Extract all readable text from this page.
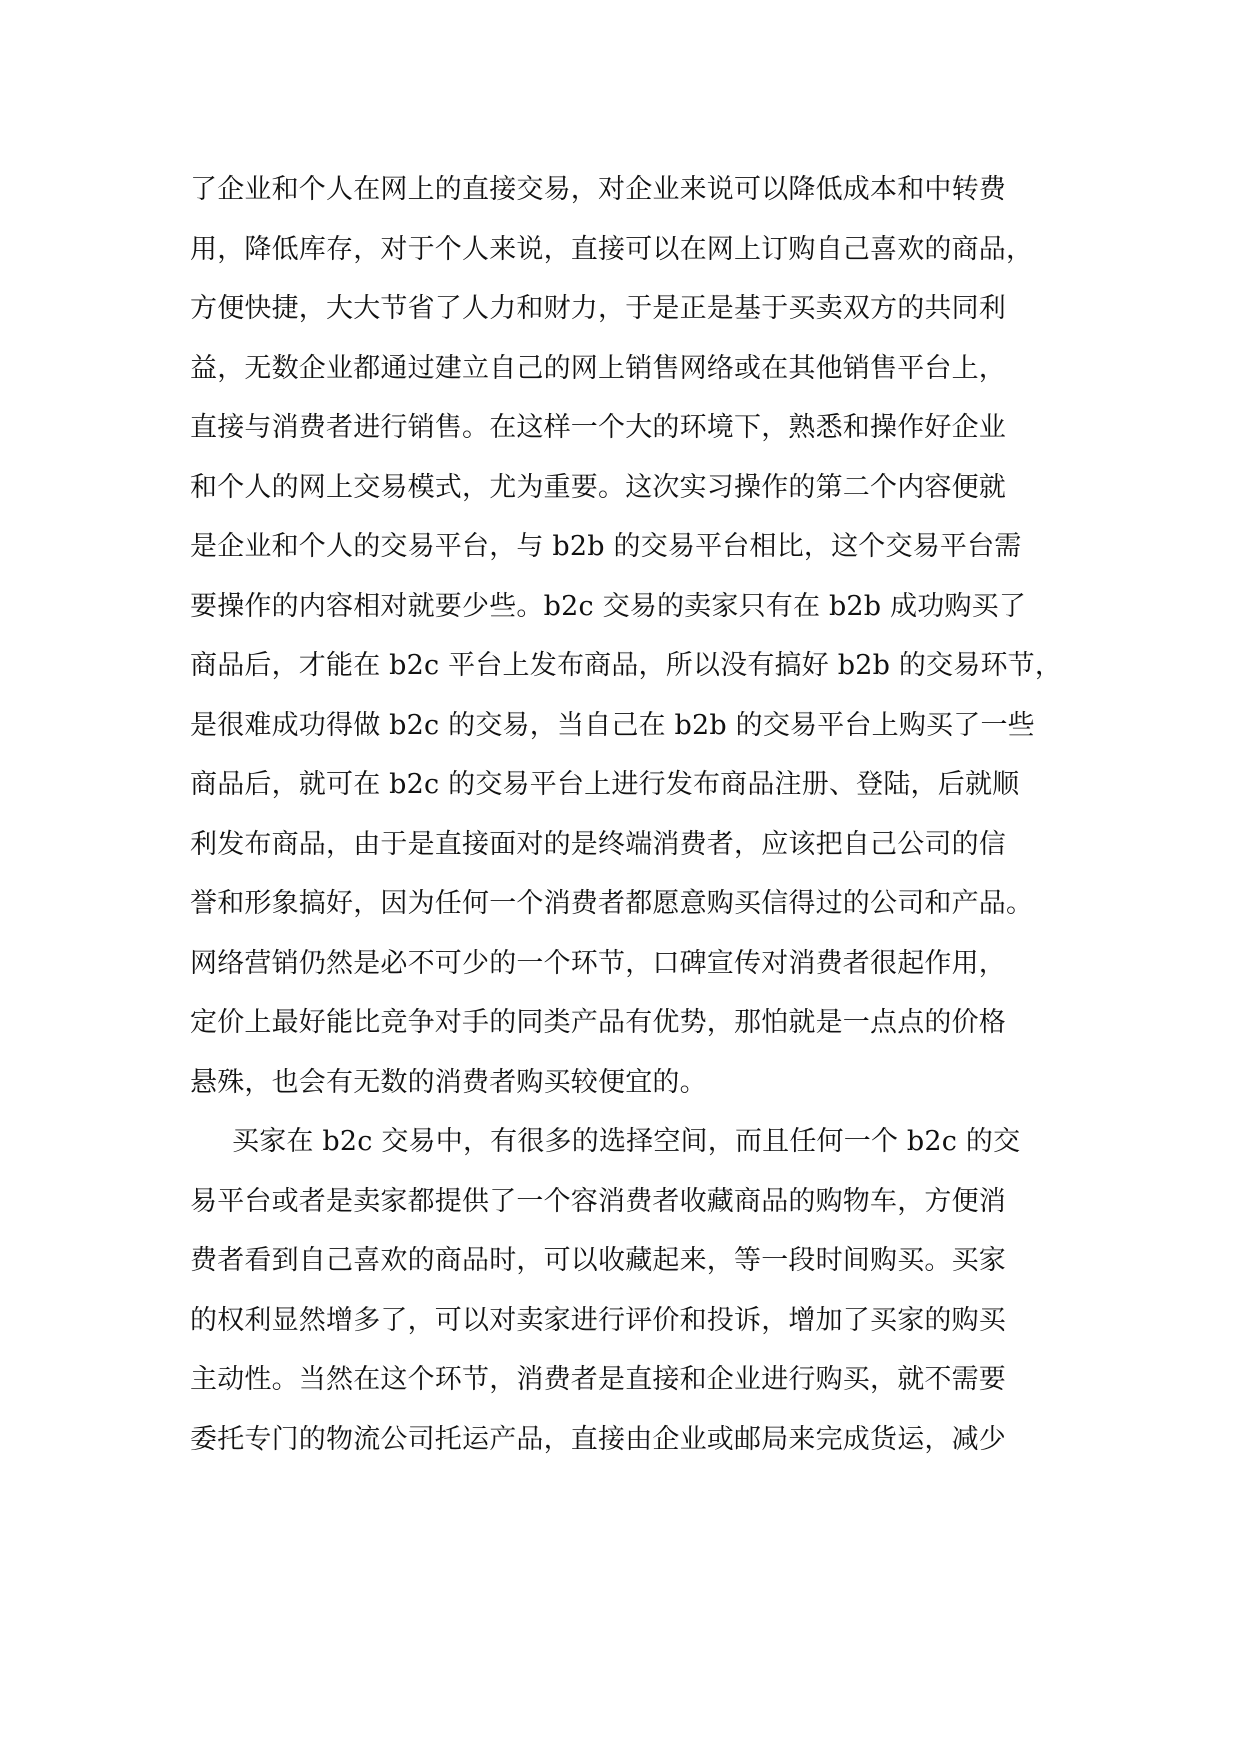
了企业和个人在网上的直接交易，对企业来说可以降低成本和中转费
用，降低库存，对于个人来说，直接可以在网上订购自己喜欢的商品，
方便快捷，大大节省了人力和财力，于是正是基于买卖双方的共同利
益，无数企业都通过建立自己的网上销售网络或在其他销售平台上，
直接与消费者进行销售。在这样一个大的环境下，熟悉和操作好企业
和个人的网上交易模式，尤为重要。这次实习操作的第二个内容便就
是企业和个人的交易平台，与 b2b 的交易平台相比，这个交易平台需
要操作的内容相对就要少些。b2c 交易的卖家只有在 b2b 成功购买了
商品后，才能在 b2c 平台上发布商品，所以没有搞好 b2b 的交易环节，
是很难成功得做 b2c 的交易，当自己在 b2b 的交易平台上购买了一些
商品后，就可在 b2c 的交易平台上进行发布商品注册、登陆，后就顺
利发布商品，由于是直接面对的是终端消费者，应该把自己公司的信
誉和形象搞好，因为任何一个消费者都愿意购买信得过的公司和产品。
网络营销仍然是必不可少的一个环节，口碑宣传对消费者很起作用，
定价上最好能比竞争对手的同类产品有优势，那怕就是一点点的价格
悬殊，也会有无数的消费者购买较便宜的。
买家在 b2c 交易中，有很多的选择空间，而且任何一个 b2c 的交
易平台或者是卖家都提供了一个容消费者收藏商品的购物车，方便消
费者看到自己喜欢的商品时，可以收藏起来，等一段时间购买。买家
的权利显然增多了，可以对卖家进行评价和投诉，增加了买家的购买
主动性。当然在这个环节，消费者是直接和企业进行购买，就不需要
委托专门的物流公司托运产品，直接由企业或邮局来完成货运，减少
